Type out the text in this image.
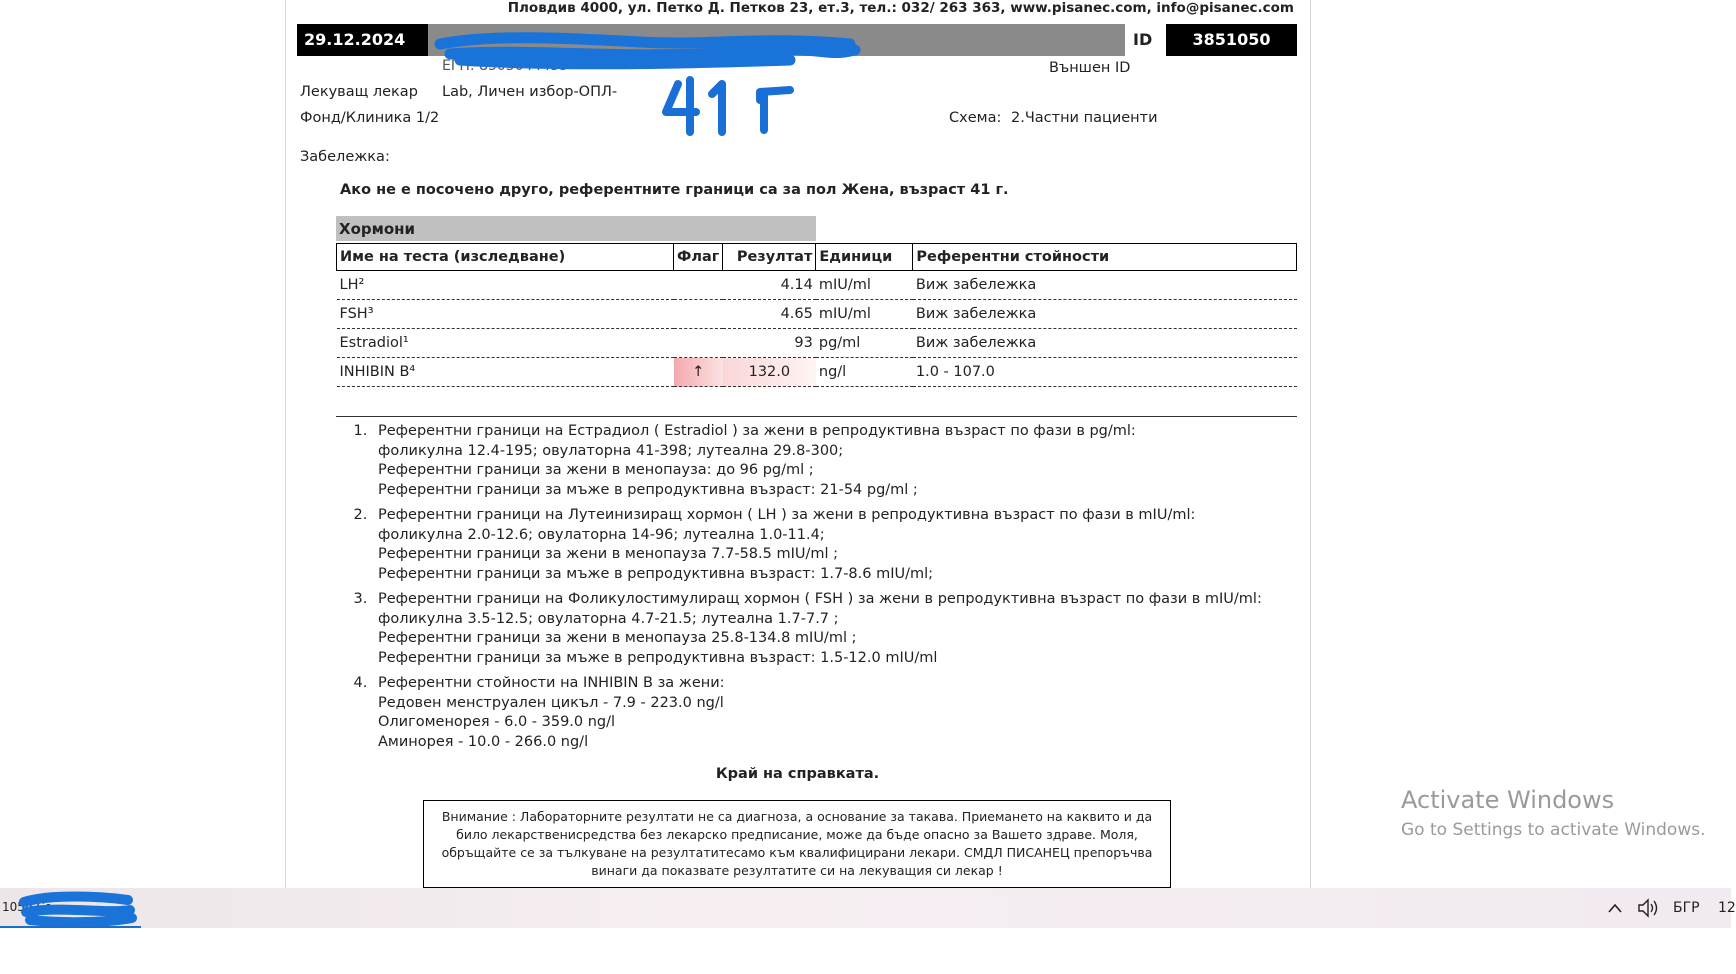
Пловдив 4000, ул. Петко Д. Петков 23, ет.3, тел.: 032/ 263 363, www.pisanec.com, info@pisanec.com
29.12.2024	ID	3851050
ЕГН: 8505044455	Външен ID
Лекуващ лекар Lab, Личен избор-ОПЛ-
Фонд/Клиника 1/2	Схема: 2.Частни пациенти
Забележка:
Ако не е посочено друго, референтните граници са за пол Жена, възраст 41 г.
Хормони
Име на теста (изследване)	Флаг	Резултат	Единици	Референтни стойности
LH²		4.14	mIU/ml	Виж забележка
FSH³		4.65	mIU/ml	Виж забележка
Estradiol¹		93	pg/ml	Виж забележка
INHIBIN B⁴	↑	132.0	ng/l	1.0 - 107.0
1. Референтни граници на Естрадиол ( Estradiol ) за жени в репродуктивна възраст по фази в pg/ml:
фоликулна 12.4-195; овулаторна 41-398; лутеална 29.8-300;
Референтни граници за жени в менопауза: до 96 pg/ml ;
Референтни граници за мъже в репродуктивна възраст: 21-54 pg/ml ;
2. Референтни граници на Лутеинизиращ хормон ( LH ) за жени в репродуктивна възраст по фази в mIU/ml:
фоликулна 2.0-12.6; овулаторна 14-96; лутеална 1.0-11.4;
Референтни граници за жени в менопауза 7.7-58.5 mIU/ml ;
Референтни граници за мъже в репродуктивна възраст: 1.7-8.6 mIU/ml;
3. Референтни граници на Фоликулостимулиращ хормон ( FSH ) за жени в репродуктивна възраст по фази в mIU/ml:
фоликулна 3.5-12.5; овулаторна 4.7-21.5; лутеална 1.7-7.7 ;
Референтни граници за жени в менопауза 25.8-134.8 mIU/ml ;
Референтни граници за мъже в репродуктивна възраст: 1.5-12.0 mIU/ml
4. Референтни стойности на INHIBIN B за жени:
Редовен менструален цикъл - 7.9 - 223.0 ng/l
Олигоменорея - 6.0 - 359.0 ng/l
Аминорея - 10.0 - 266.0 ng/l
Край на справката.
Внимание : Лабораторните резултати не са диагноза, а основание за такава. Приемането на каквито и да било лекарственисредства без лекарско предписание, може да бъде опасно за Вашето здраве. Моля, обръщайте се за тълкуване на резултатитесамо към квалифицирани лекари. СМДЛ ПИСАНЕЦ препоръчва винаги да показвате резултатите си на лекуващия си лекар !
Activate Windows
Go to Settings to activate Windows.
1059 Co	БГР 12
